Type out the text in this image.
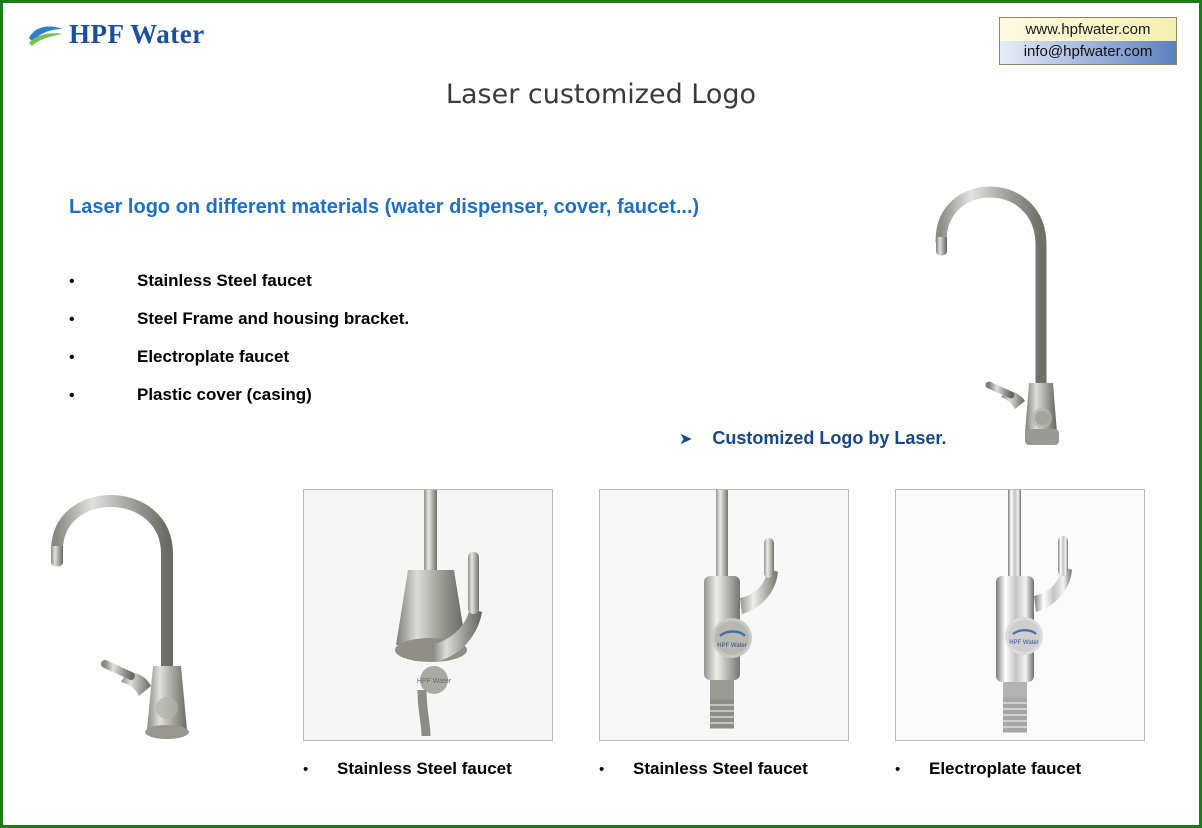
HPF Water	www.hpfwater.com
info@hpfwater.com
Laser customized Logo
Laser logo on different materials (water dispenser, cover, faucet...)
•	Stainless Steel faucet
•	Steel Frame and housing bracket.
•	Electroplate faucet
•	Plastic cover (casing)
➤ Customized Logo by Laser.
HPF Water
•	Stainless Steel faucet
HPF Water
•	Stainless Steel faucet
HPF Water
•	Electroplate faucet
